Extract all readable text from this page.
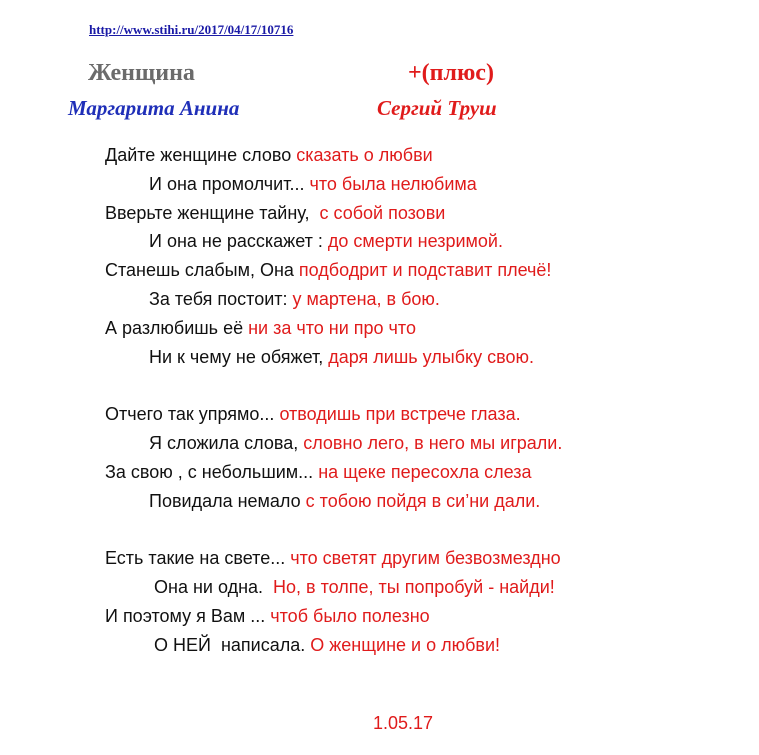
http://www.stihi.ru/2017/04/17/10716
Женщина	+(плюс)
Маргарита Анина	Сергий Труш
Дайте женщине слово сказать о любви
И она промолчит... что была нелюбима
Вверьте женщине тайну,  с собой позови
И она не расскажет : до смерти незримой.
Станешь слабым, Она подбодрит и подставит плечё!
За тебя постоит: у мартена, в бою.
А разлюбишь её ни за что ни про что
Ни к чему не обяжет, даря лишь улыбку свою.
Отчего так упрямо... отводишь при встрече глаза.
Я сложила слова, словно лего, в него мы играли.
За свою , с небольшим... на щеке пересохла слеза
Повидала немало с тобою пойдя в си’ни дали.
Есть такие на свете... что светят другим безвозмездно
Она ни одна.  Но, в толпе, ты попробуй - найди!
И поэтому я Вам ... чтоб было полезно
О НЕЙ  написала. О женщине и о любви!
1.05.17
